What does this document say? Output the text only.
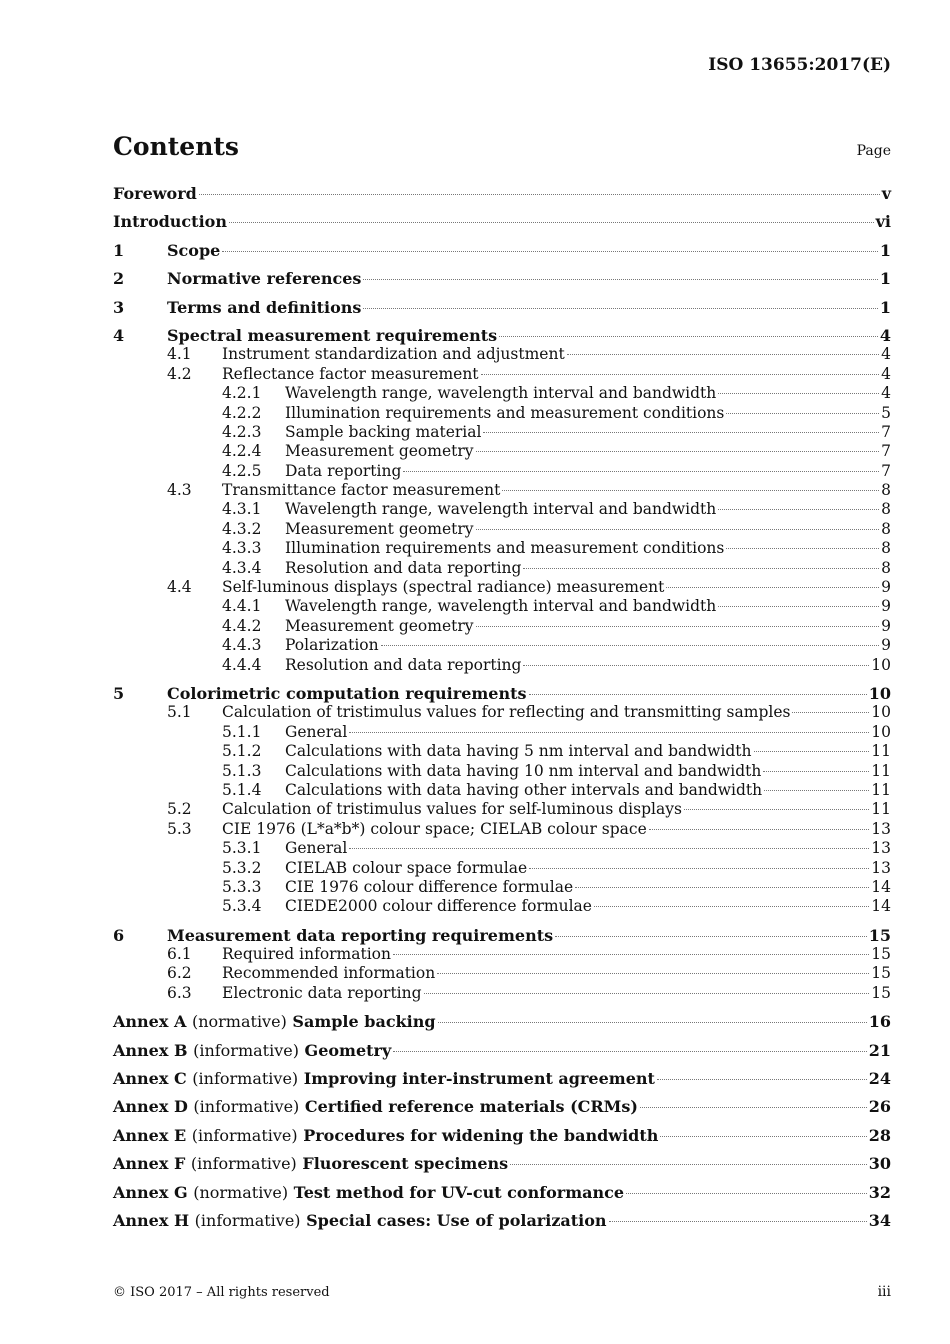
ISO 13655:2017(E)
Contents	Page
Foreword	v
Introduction	vi
1	Scope	1
2	Normative references	1
3	Terms and definitions	1
4	Spectral measurement requirements	4
4.1	Instrument standardization and adjustment	4
4.2	Reflectance factor measurement	4
4.2.1	Wavelength range, wavelength interval and bandwidth	4
4.2.2	Illumination requirements and measurement conditions	5
4.2.3	Sample backing material	7
4.2.4	Measurement geometry	7
4.2.5	Data reporting	7
4.3	Transmittance factor measurement	8
4.3.1	Wavelength range, wavelength interval and bandwidth	8
4.3.2	Measurement geometry	8
4.3.3	Illumination requirements and measurement conditions	8
4.3.4	Resolution and data reporting	8
4.4	Self-luminous displays (spectral radiance) measurement	9
4.4.1	Wavelength range, wavelength interval and bandwidth	9
4.4.2	Measurement geometry	9
4.4.3	Polarization	9
4.4.4	Resolution and data reporting	10
5	Colorimetric computation requirements	10
5.1	Calculation of tristimulus values for reflecting and transmitting samples	10
5.1.1	General	10
5.1.2	Calculations with data having 5 nm interval and bandwidth	11
5.1.3	Calculations with data having 10 nm interval and bandwidth	11
5.1.4	Calculations with data having other intervals and bandwidth	11
5.2	Calculation of tristimulus values for self-luminous displays	11
5.3	CIE 1976 (L*a*b*) colour space; CIELAB colour space	13
5.3.1	General	13
5.3.2	CIELAB colour space formulae	13
5.3.3	CIE 1976 colour difference formulae	14
5.3.4	CIEDE2000 colour difference formulae	14
6	Measurement data reporting requirements	15
6.1	Required information	15
6.2	Recommended information	15
6.3	Electronic data reporting	15
Annex A (normative) Sample backing	16
Annex B (informative) Geometry	21
Annex C (informative) Improving inter-instrument agreement	24
Annex D (informative) Certified reference materials (CRMs)	26
Annex E (informative) Procedures for widening the bandwidth	28
Annex F (informative) Fluorescent specimens	30
Annex G (normative) Test method for UV-cut conformance	32
Annex H (informative) Special cases: Use of polarization	34
© ISO 2017 – All rights reserved	iii
